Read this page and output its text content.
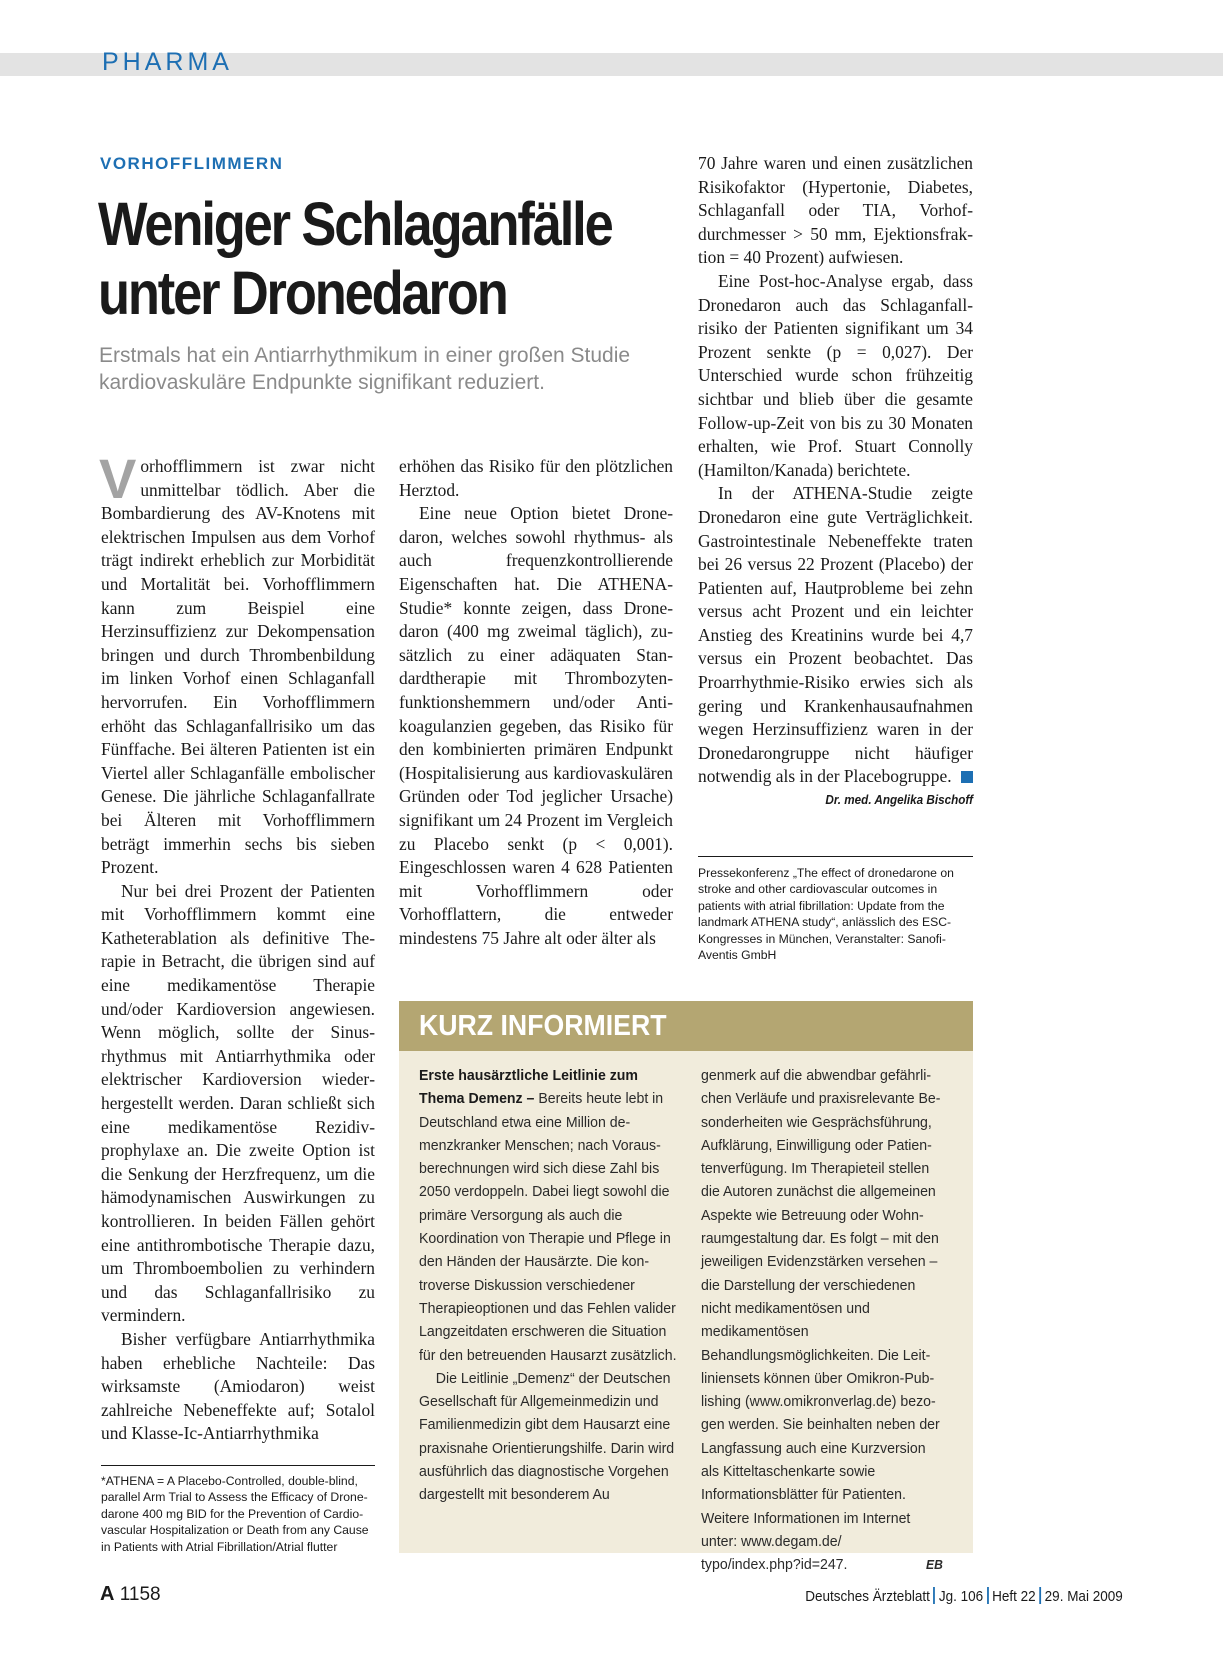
PHARMA
VORHOFFLIMMERN
Weniger Schlaganfälle
unter Dronedaron
Erstmals hat ein Antiarrhythmikum in einer großen Studie kardiovaskuläre Endpunkte signifikant reduziert.

Vorhofflimmern ist zwar nicht unmittelbar tödlich. Aber die Bombardierung des AV-Knotens mit elektrischen Impulsen aus dem Vorhof trägt indirekt erheblich zur Morbidität und Mortalität bei. Vorhofflimmern kann zum Beispiel eine Herzinsuffizienz zur Dekompensation bringen und durch Thrombenbildung im linken Vorhof einen Schlaganfall hervorrufen. Ein Vorhofflimmern erhöht das Schlaganfallrisiko um das Fünffache. Bei älteren Patienten ist ein Viertel aller Schlaganfälle embolischer Genese. Die jährliche Schlaganfallrate bei Älteren mit Vorhofflimmern beträgt immerhin sechs bis sieben Prozent.

Nur bei drei Prozent der Patienten mit Vorhofflimmern kommt eine Katheterablation als definitive Therapie in Betracht, die übrigen sind auf eine medikamentöse Therapie und/oder Kardioversion angewiesen. Wenn möglich, sollte der Sinusrhythmus mit Antiarrhythmika oder elektrischer Kardioversion wiederhergestellt werden. Daran schließt sich eine medikamentöse Rezidivprophylaxe an. Die zweite Option ist die Senkung der Herzfrequenz, um die hämodynamischen Auswirkungen zu kontrollieren. In beiden Fällen gehört eine antithrombotische Therapie dazu, um Thromboembolien zu verhindern und das Schlaganfallrisiko zu vermindern.

Bisher verfügbare Antiarrhythmika haben erhebliche Nachteile: Das wirksamste (Amiodaron) weist zahlreiche Nebeneffekte auf; Sotalol und Klasse-Ic-Antiarrhythmika

*ATHENA = A Placebo-Controlled, double-blind, parallel Arm Trial to Assess the Efficacy of Dronedarone 400 mg BID for the Prevention of Cardiovascular Hospitalization or Death from any Cause in Patients with Atrial Fibrillation/Atrial flutter

erhöhen das Risiko für den plötzlichen Herztod.

Eine neue Option bietet Dronedaron, welches sowohl rhythmus- als auch frequenzkontrollierende Eigenschaften hat. Die ATHENA-Studie* konnte zeigen, dass Dronedaron (400 mg zweimal täglich), zusätzlich zu einer adäquaten Standardtherapie mit Thrombozytenfunktionshemmern und/oder Antikoagulanzien gegeben, das Risiko für den kombinierten primären Endpunkt (Hospitalisierung aus kardiovaskulären Gründen oder Tod jeglicher Ursache) signifikant um 24 Prozent im Vergleich zu Placebo senkt (p < 0,001). Eingeschlossen waren 4 628 Patienten mit Vorhofflimmern oder Vorhofflattern, die entweder mindestens 75 Jahre alt oder älter als

70 Jahre waren und einen zusätzlichen Risikofaktor (Hypertonie, Diabetes, Schlaganfall oder TIA, Vorhofdurchmesser > 50 mm, Ejektionsfraktion = 40 Prozent) aufwiesen.

Eine Post-hoc-Analyse ergab, dass Dronedaron auch das Schlaganfallrisiko der Patienten signifikant um 34 Prozent senkte (p = 0,027). Der Unterschied wurde schon frühzeitig sichtbar und blieb über die gesamte Follow-up-Zeit von bis zu 30 Monaten erhalten, wie Prof. Stuart Connolly (Hamilton/Kanada) berichtete.

In der ATHENA-Studie zeigte Dronedaron eine gute Verträglichkeit. Gastrointestinale Nebeneffekte traten bei 26 versus 22 Prozent (Placebo) der Patienten auf, Hautprobleme bei zehn versus acht Prozent und ein leichter Anstieg des Kreatinins wurde bei 4,7 versus ein Prozent beobachtet. Das Proarrhythmie-Risiko erwies sich als gering und Krankenhausaufnahmen wegen Herzinsuffizienz waren in der Dronedarongruppe nicht häufiger notwendig als in der Placebogruppe.

Dr. med. Angelika Bischoff
Pressekonferenz „The effect of dronedarone on stroke and other cardiovascular outcomes in patients with atrial fibrillation: Update from the landmark ATHENA study“, anlässlich des ESC-Kongresses in München, Veranstalter: Sanofi-Aventis GmbH
KURZ INFORMIERT

Erste hausärztliche Leitlinie zum Thema Demenz – Bereits heute lebt in Deutschland etwa eine Million demenzkranker Menschen; nach Vorausberechnungen wird sich diese Zahl bis 2050 verdoppeln. Dabei liegt sowohl die primäre Versorgung als auch die Koordination von Therapie und Pflege in den Händen der Hausärzte. Die kontroverse Diskussion verschiedener Therapieoptionen und das Fehlen valider Langzeitdaten erschweren die Situation für den betreuenden Hausarzt zusätzlich.

Die Leitlinie „Demenz“ der Deutschen Gesellschaft für Allgemeinmedizin und Familienmedizin gibt dem Hausarzt eine praxisnahe Orientierungshilfe. Darin wird ausführlich das diagnostische Vorgehen dargestellt mit besonderem Au

genmerk auf die abwendbar gefährlichen Verläufe und praxisrelevante Besonderheiten wie Gesprächsführung, Aufklärung, Einwilligung oder Patientenverfügung. Im Therapieteil stellen die Autoren zunächst die allgemeinen Aspekte wie Betreuung oder Wohnraumgestaltung dar. Es folgt – mit den jeweiligen Evidenzstärken versehen – die Darstellung der verschiedenen nicht medikamentösen und medikamentösen Behandlungsmöglichkeiten. Die Leitliniensets können über Omikron-Publishing (www.omikronverlag.de) bezogen werden. Sie beinhalten neben der Langfassung auch eine Kurzversion als Kitteltaschenkarte sowie Informationsblätter für Patienten. Weitere Informationen im Internet unter: www.degam.de/ typo/index.php?id=247.	EB

A 1158	Deutsches Ärzteblatt Jg. 106 Heft 22 29. Mai 2009
